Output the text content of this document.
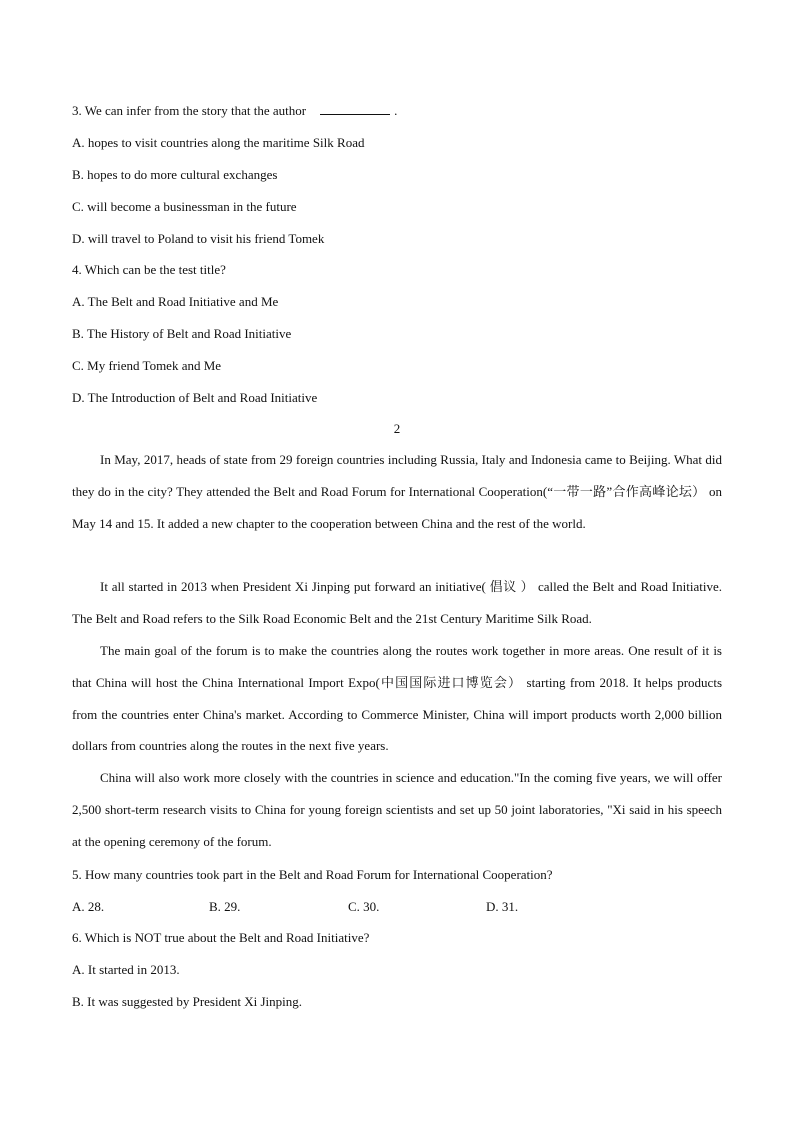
3. We can infer from the story that the author	.
A. hopes to visit countries along the maritime Silk Road
B. hopes to do more cultural exchanges
C. will become a businessman in the future
D. will travel to Poland to visit his friend Tomek
4. Which can be the test title?
A. The Belt and Road Initiative and Me
B. The History of Belt and Road Initiative
C. My friend Tomek and Me
D. The Introduction of Belt and Road Initiative
2
In May, 2017, heads of state from 29 foreign countries including Russia, Italy and Indonesia came to Beijing. What did they do in the city? They attended the Belt and Road Forum for International Cooperation(“一带一路”合作高峰论坛） on May 14 and 15. It added a new chapter to the cooperation between China and the rest of the world.
It all started in 2013 when President Xi Jinping put forward an initiative( 倡议 ） called the Belt and Road Initiative. The Belt and Road refers to the Silk Road Economic Belt and the 21st Century Maritime Silk Road.
The main goal of the forum is to make the countries along the routes work together in more areas. One result of it is that China will host the China International Import Expo(中国国际进口博览会） starting from 2018. It helps products from the countries enter China's market. According to Commerce Minister, China will import products worth 2,000 billion dollars from countries along the routes in the next five years.
China will also work more closely with the countries in science and education."In the coming five years, we will offer 2,500 short-term research visits to China for young foreign scientists and set up 50 joint laboratories, "Xi said in his speech at the opening ceremony of the forum.
5. How many countries took part in the Belt and Road Forum for International Cooperation?
A. 28.	B. 29.	C. 30.	D. 31.
6. Which is NOT true about the Belt and Road Initiative?
A. It started in 2013.
B. It was suggested by President Xi Jinping.
